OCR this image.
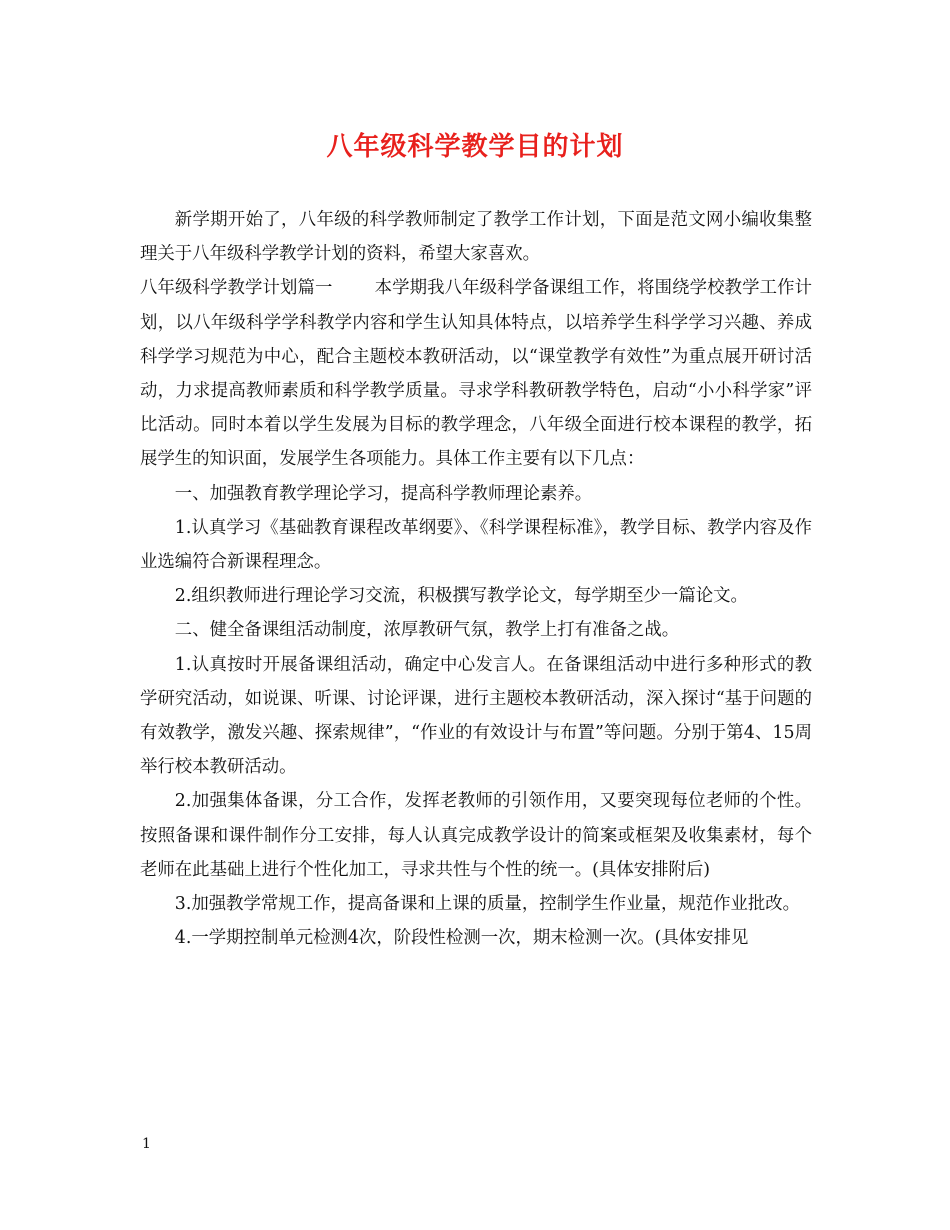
八年级科学教学目的计划

新学期开始了，八年级的科学教师制定了教学工作计划，下面是范文网小编收集整理关于八年级科学教学计划的资料，希望大家喜欢。

八年级科学教学计划篇一 本学期我八年级科学备课组工作，将围绕学校教学工作计划，以八年级科学学科教学内容和学生认知具体特点，以培养学生科学学习兴趣、养成科学学习规范为中心，配合主题校本教研活动，以“课堂教学有效性”为重点展开研讨活动，力求提高教师素质和科学教学质量。寻求学科教研教学特色，启动“小小科学家”评比活动。同时本着以学生发展为目标的教学理念，八年级全面进行校本课程的教学，拓展学生的知识面，发展学生各项能力。具体工作主要有以下几点：

一、加强教育教学理论学习，提高科学教师理论素养。

1.认真学习《基础教育课程改革纲要》、《科学课程标准》，教学目标、教学内容及作业选编符合新课程理念。

2.组织教师进行理论学习交流，积极撰写教学论文，每学期至少一篇论文。

二、健全备课组活动制度，浓厚教研气氛，教学上打有准备之战。

1.认真按时开展备课组活动，确定中心发言人。在备课组活动中进行多种形式的教学研究活动，如说课、听课、讨论评课，进行主题校本教研活动，深入探讨“基于问题的有效教学，激发兴趣、探索规律”，“作业的有效设计与布置”等问题。分别于第4、15周举行校本教研活动。

2.加强集体备课，分工合作，发挥老教师的引领作用，又要突现每位老师的个性。按照备课和课件制作分工安排，每人认真完成教学设计的简案或框架及收集素材，每个老师在此基础上进行个性化加工，寻求共性与个性的统一。(具体安排附后)

3.加强教学常规工作，提高备课和上课的质量，控制学生作业量，规范作业批改。

4.一学期控制单元检测4次，阶段性检测一次，期末检测一次。(具体安排见

1
